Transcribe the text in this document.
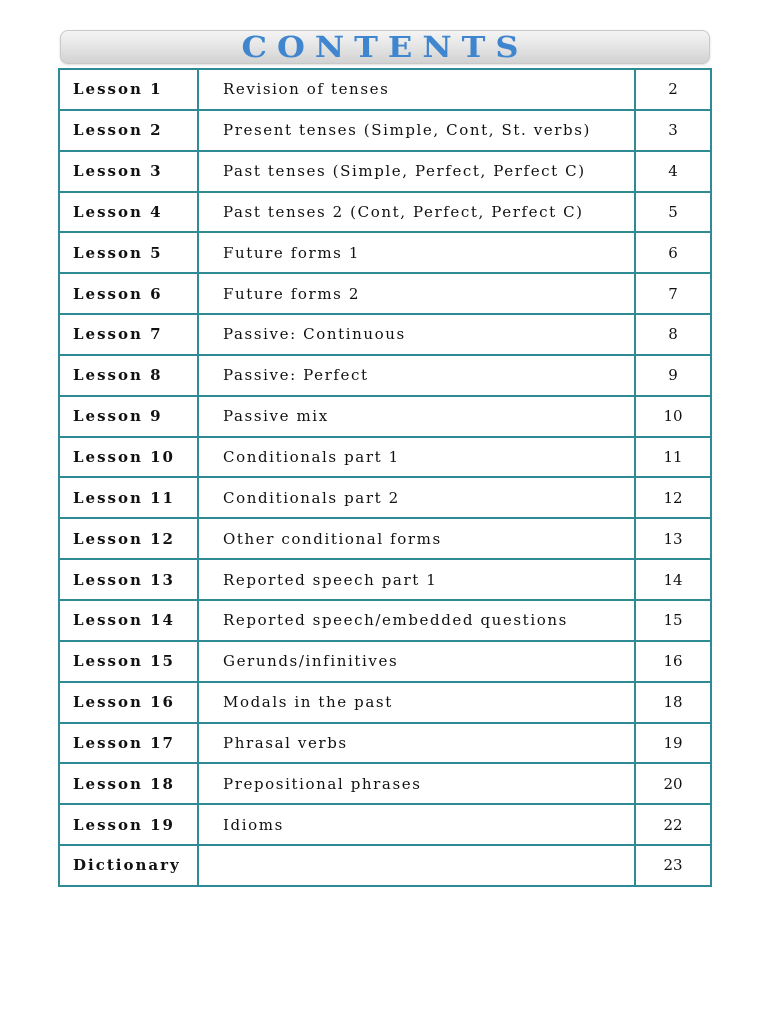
CONTENTS
Lesson 1	Revision of tenses	2
Lesson 2	Present tenses (Simple, Cont, St. verbs)	3
Lesson 3	Past tenses (Simple, Perfect, Perfect C)	4
Lesson 4	Past tenses 2 (Cont, Perfect, Perfect C)	5
Lesson 5	Future forms 1	6
Lesson 6	Future forms 2	7
Lesson 7	Passive: Continuous	8
Lesson 8	Passive: Perfect	9
Lesson 9	Passive mix	10
Lesson 10	Conditionals part 1	11
Lesson 11	Conditionals part 2	12
Lesson 12	Other conditional forms	13
Lesson 13	Reported speech part 1	14
Lesson 14	Reported speech/embedded questions	15
Lesson 15	Gerunds/infinitives	16
Lesson 16	Modals in the past	18
Lesson 17	Phrasal verbs	19
Lesson 18	Prepositional phrases	20
Lesson 19	Idioms	22
Dictionary		23
